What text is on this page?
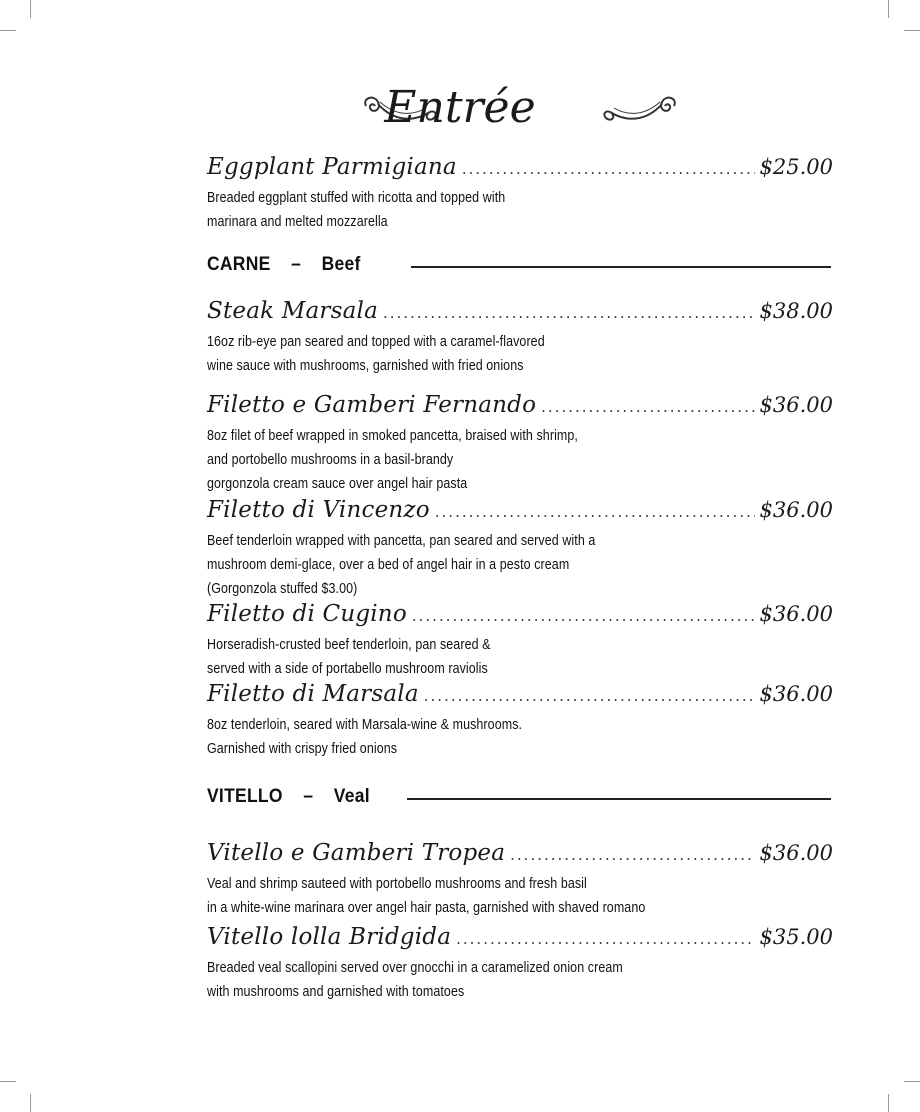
Entrée
Eggplant Parmigiana .....	$25.00
Breaded eggplant stuffed with ricotta and topped with
marinara and melted mozzarella
CARNE    –    Beef
Steak Marsala .....	$38.00
16oz rib-eye pan seared and topped with a caramel-flavored
wine sauce with mushrooms, garnished with fried onions
Filetto e Gamberi Fernando .....	$36.00
8oz filet of beef wrapped in smoked pancetta, braised with shrimp,
and portobello mushrooms in a basil-brandy
gorgonzola cream sauce over angel hair pasta
Filetto di Vincenzo .....	$36.00
Beef tenderloin wrapped with pancetta, pan seared and served with a
mushroom demi-glace, over a bed of angel hair in a pesto cream
(Gorgonzola stuffed $3.00)
Filetto di Cugino .....	$36.00
Horseradish-crusted beef tenderloin, pan seared &
served with a side of portabello mushroom raviolis
Filetto di Marsala .....	$36.00
8oz tenderloin, seared with Marsala-wine & mushrooms.
Garnished with crispy fried onions
VITELLO    –    Veal
Vitello e Gamberi Tropea .....	$36.00
Veal and shrimp sauteed with portobello mushrooms and fresh basil
in a white-wine marinara over angel hair pasta, garnished with shaved romano
Vitello lolla Bridgida .....	$35.00
Breaded veal scallopini served over gnocchi in a caramelized onion cream
with mushrooms and garnished with tomatoes
